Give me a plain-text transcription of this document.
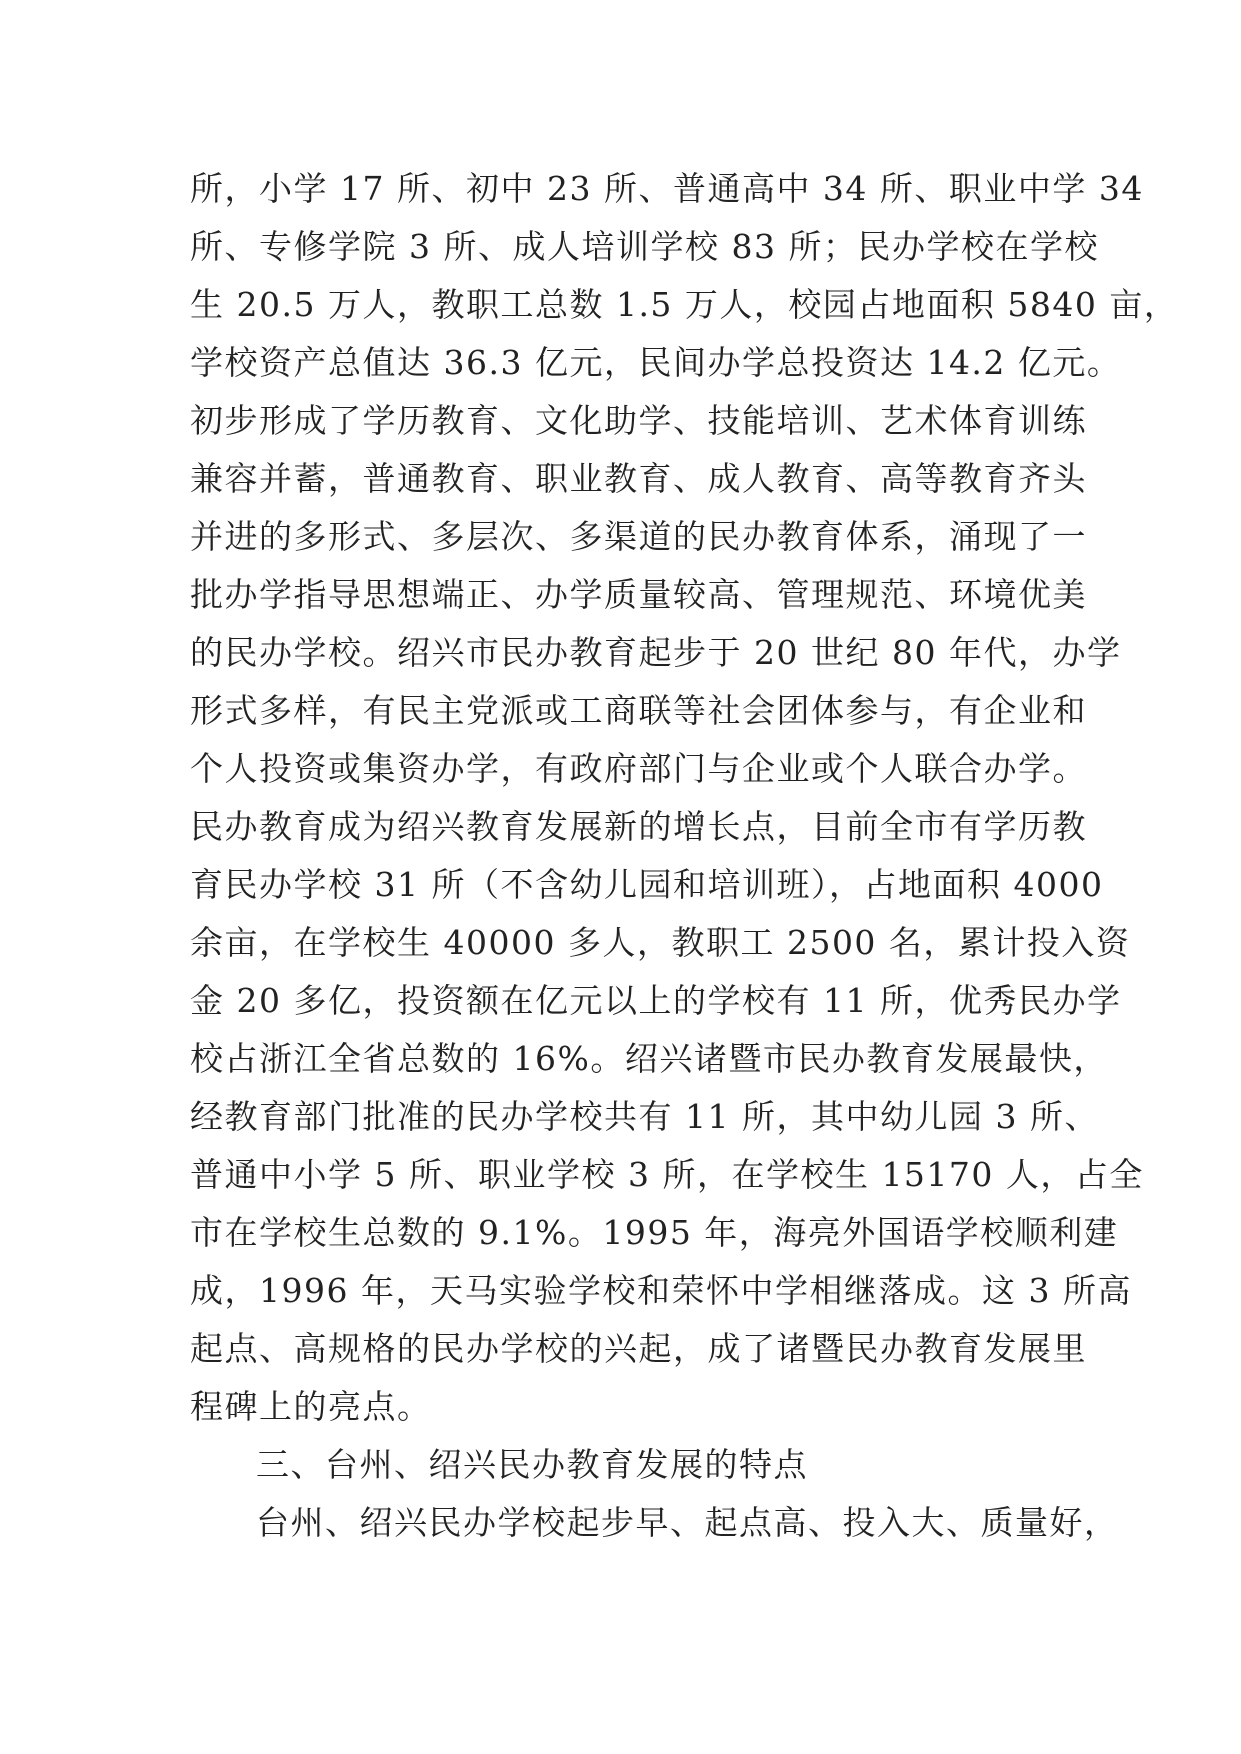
所，小学 17 所、初中 23 所、普通高中 34 所、职业中学 34
所、专修学院 3 所、成人培训学校 83 所；民办学校在学校
生 20.5 万人，教职工总数 1.5 万人，校园占地面积 5840 亩，
学校资产总值达 36.3 亿元，民间办学总投资达 14.2 亿元。
初步形成了学历教育、文化助学、技能培训、艺术体育训练
兼容并蓄，普通教育、职业教育、成人教育、高等教育齐头
并进的多形式、多层次、多渠道的民办教育体系，涌现了一
批办学指导思想端正、办学质量较高、管理规范、环境优美
的民办学校。绍兴市民办教育起步于 20 世纪 80 年代，办学
形式多样，有民主党派或工商联等社会团体参与，有企业和
个人投资或集资办学，有政府部门与企业或个人联合办学。
民办教育成为绍兴教育发展新的增长点，目前全市有学历教
育民办学校 31 所（不含幼儿园和培训班），占地面积 4000
余亩，在学校生 40000 多人，教职工 2500 名，累计投入资
金 20 多亿，投资额在亿元以上的学校有 11 所，优秀民办学
校占浙江全省总数的 16%。绍兴诸暨市民办教育发展最快，
经教育部门批准的民办学校共有 11 所，其中幼儿园 3 所、
普通中小学 5 所、职业学校 3 所，在学校生 15170 人，占全
市在学校生总数的 9.1%。1995 年，海亮外国语学校顺利建
成，1996 年，天马实验学校和荣怀中学相继落成。这 3 所高
起点、高规格的民办学校的兴起，成了诸暨民办教育发展里
程碑上的亮点。
三、台州、绍兴民办教育发展的特点
台州、绍兴民办学校起步早、起点高、投入大、质量好，
